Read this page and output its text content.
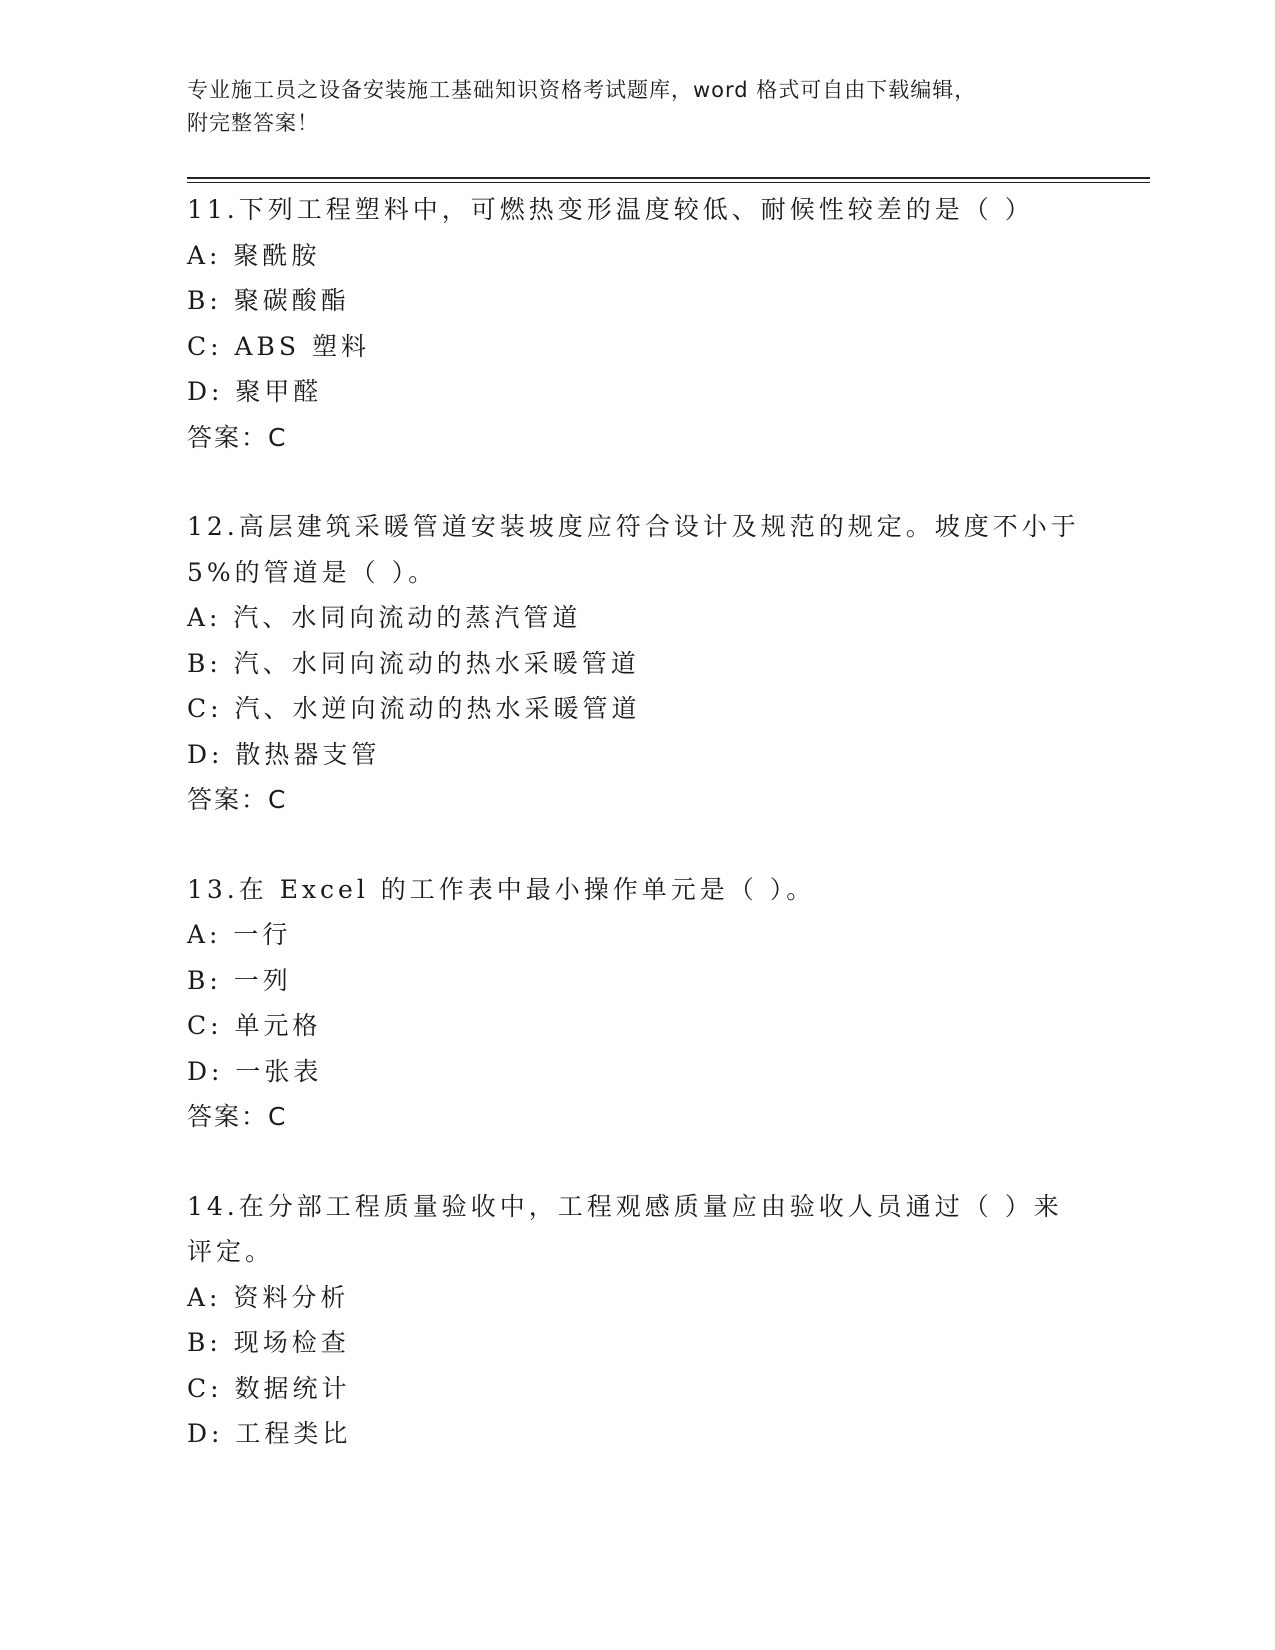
专业施工员之设备安装施工基础知识资格考试题库，word 格式可自由下载编辑，
附完整答案！
11.下列工程塑料中，可燃热变形温度较低、耐候性较差的是（ ）
A: 聚酰胺
B: 聚碳酸酯
C: ABS 塑料
D: 聚甲醛
答案：C
12.高层建筑采暖管道安装坡度应符合设计及规范的规定。坡度不小于
5%的管道是（ ）。
A: 汽、水同向流动的蒸汽管道
B: 汽、水同向流动的热水采暖管道
C: 汽、水逆向流动的热水采暖管道
D: 散热器支管
答案：C
13.在 Excel 的工作表中最小操作单元是（ ）。
A: 一行
B: 一列
C: 单元格
D: 一张表
答案：C
14.在分部工程质量验收中，工程观感质量应由验收人员通过（ ）来
评定。
A: 资料分析
B: 现场检查
C: 数据统计
D: 工程类比
